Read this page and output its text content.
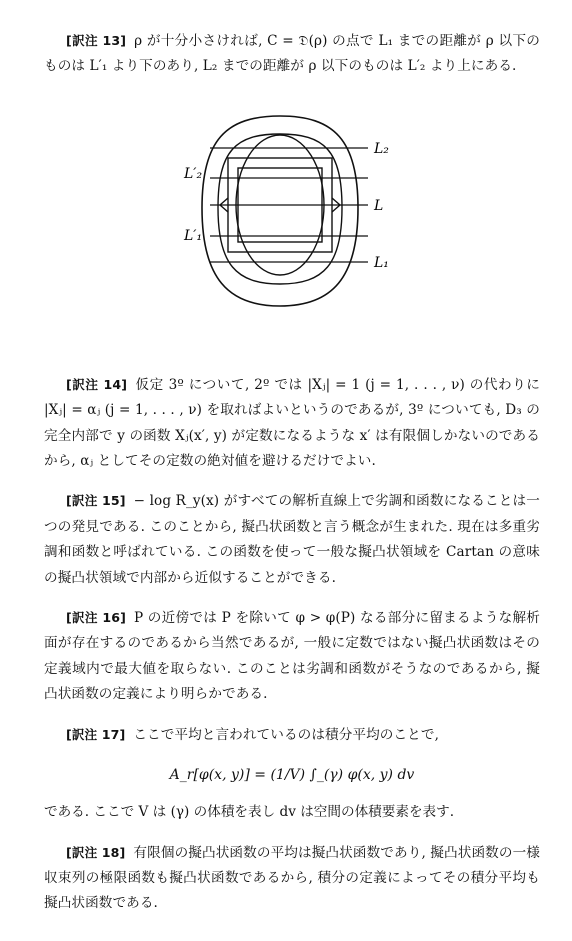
[訳注 13] ρ が十分小さければ, C = 𝔇(ρ) の点で L₁ までの距離が ρ 以下のものは L′₁ より下のあり, L₂ までの距離が ρ 以下のものは L′₂ より上にある.

L₂
L′₂
L
L′₁
L₁

[訳注 14] 仮定 3º について, 2º では |Xⱼ| = 1 (j = 1, . . . , ν) の代わりに |Xⱼ| = αⱼ (j = 1, . . . , ν) を取ればよいというのであるが, 3º についても, D₃ の完全内部で y の函数 Xⱼ(x′, y) が定数になるような x′ は有限個しかないのであるから, αⱼ としてその定数の絶対値を避けるだけでよい.

[訳注 15] − log R_y(x) がすべての解析直線上で劣調和函数になることは一つの発見である. このことから, 擬凸状函数と言う概念が生まれた. 現在は多重劣調和函数と呼ばれている. この函数を使って一般な擬凸状領域を Cartan の意味の擬凸状領域で内部から近似することができる.

[訳注 16] P の近傍では P を除いて φ > φ(P) なる部分に留まるような解析面が存在するのであるから当然であるが, 一般に定数ではない擬凸状函数はその定義域内で最大値を取らない. このことは劣調和函数がそうなのであるから, 擬凸状函数の定義により明らかである.

[訳注 17] ここで平均と言われているのは積分平均のことで,

A_r[φ(x, y)] = (1/V) ∫_(γ) φ(x, y) dv

である. ここで V は (γ) の体積を表し dv は空間の体積要素を表す.

[訳注 18] 有限個の擬凸状函数の平均は擬凸状函数であり, 擬凸状函数の一様収束列の極限函数も擬凸状函数であるから, 積分の定義によってその積分平均も擬凸状函数である.
